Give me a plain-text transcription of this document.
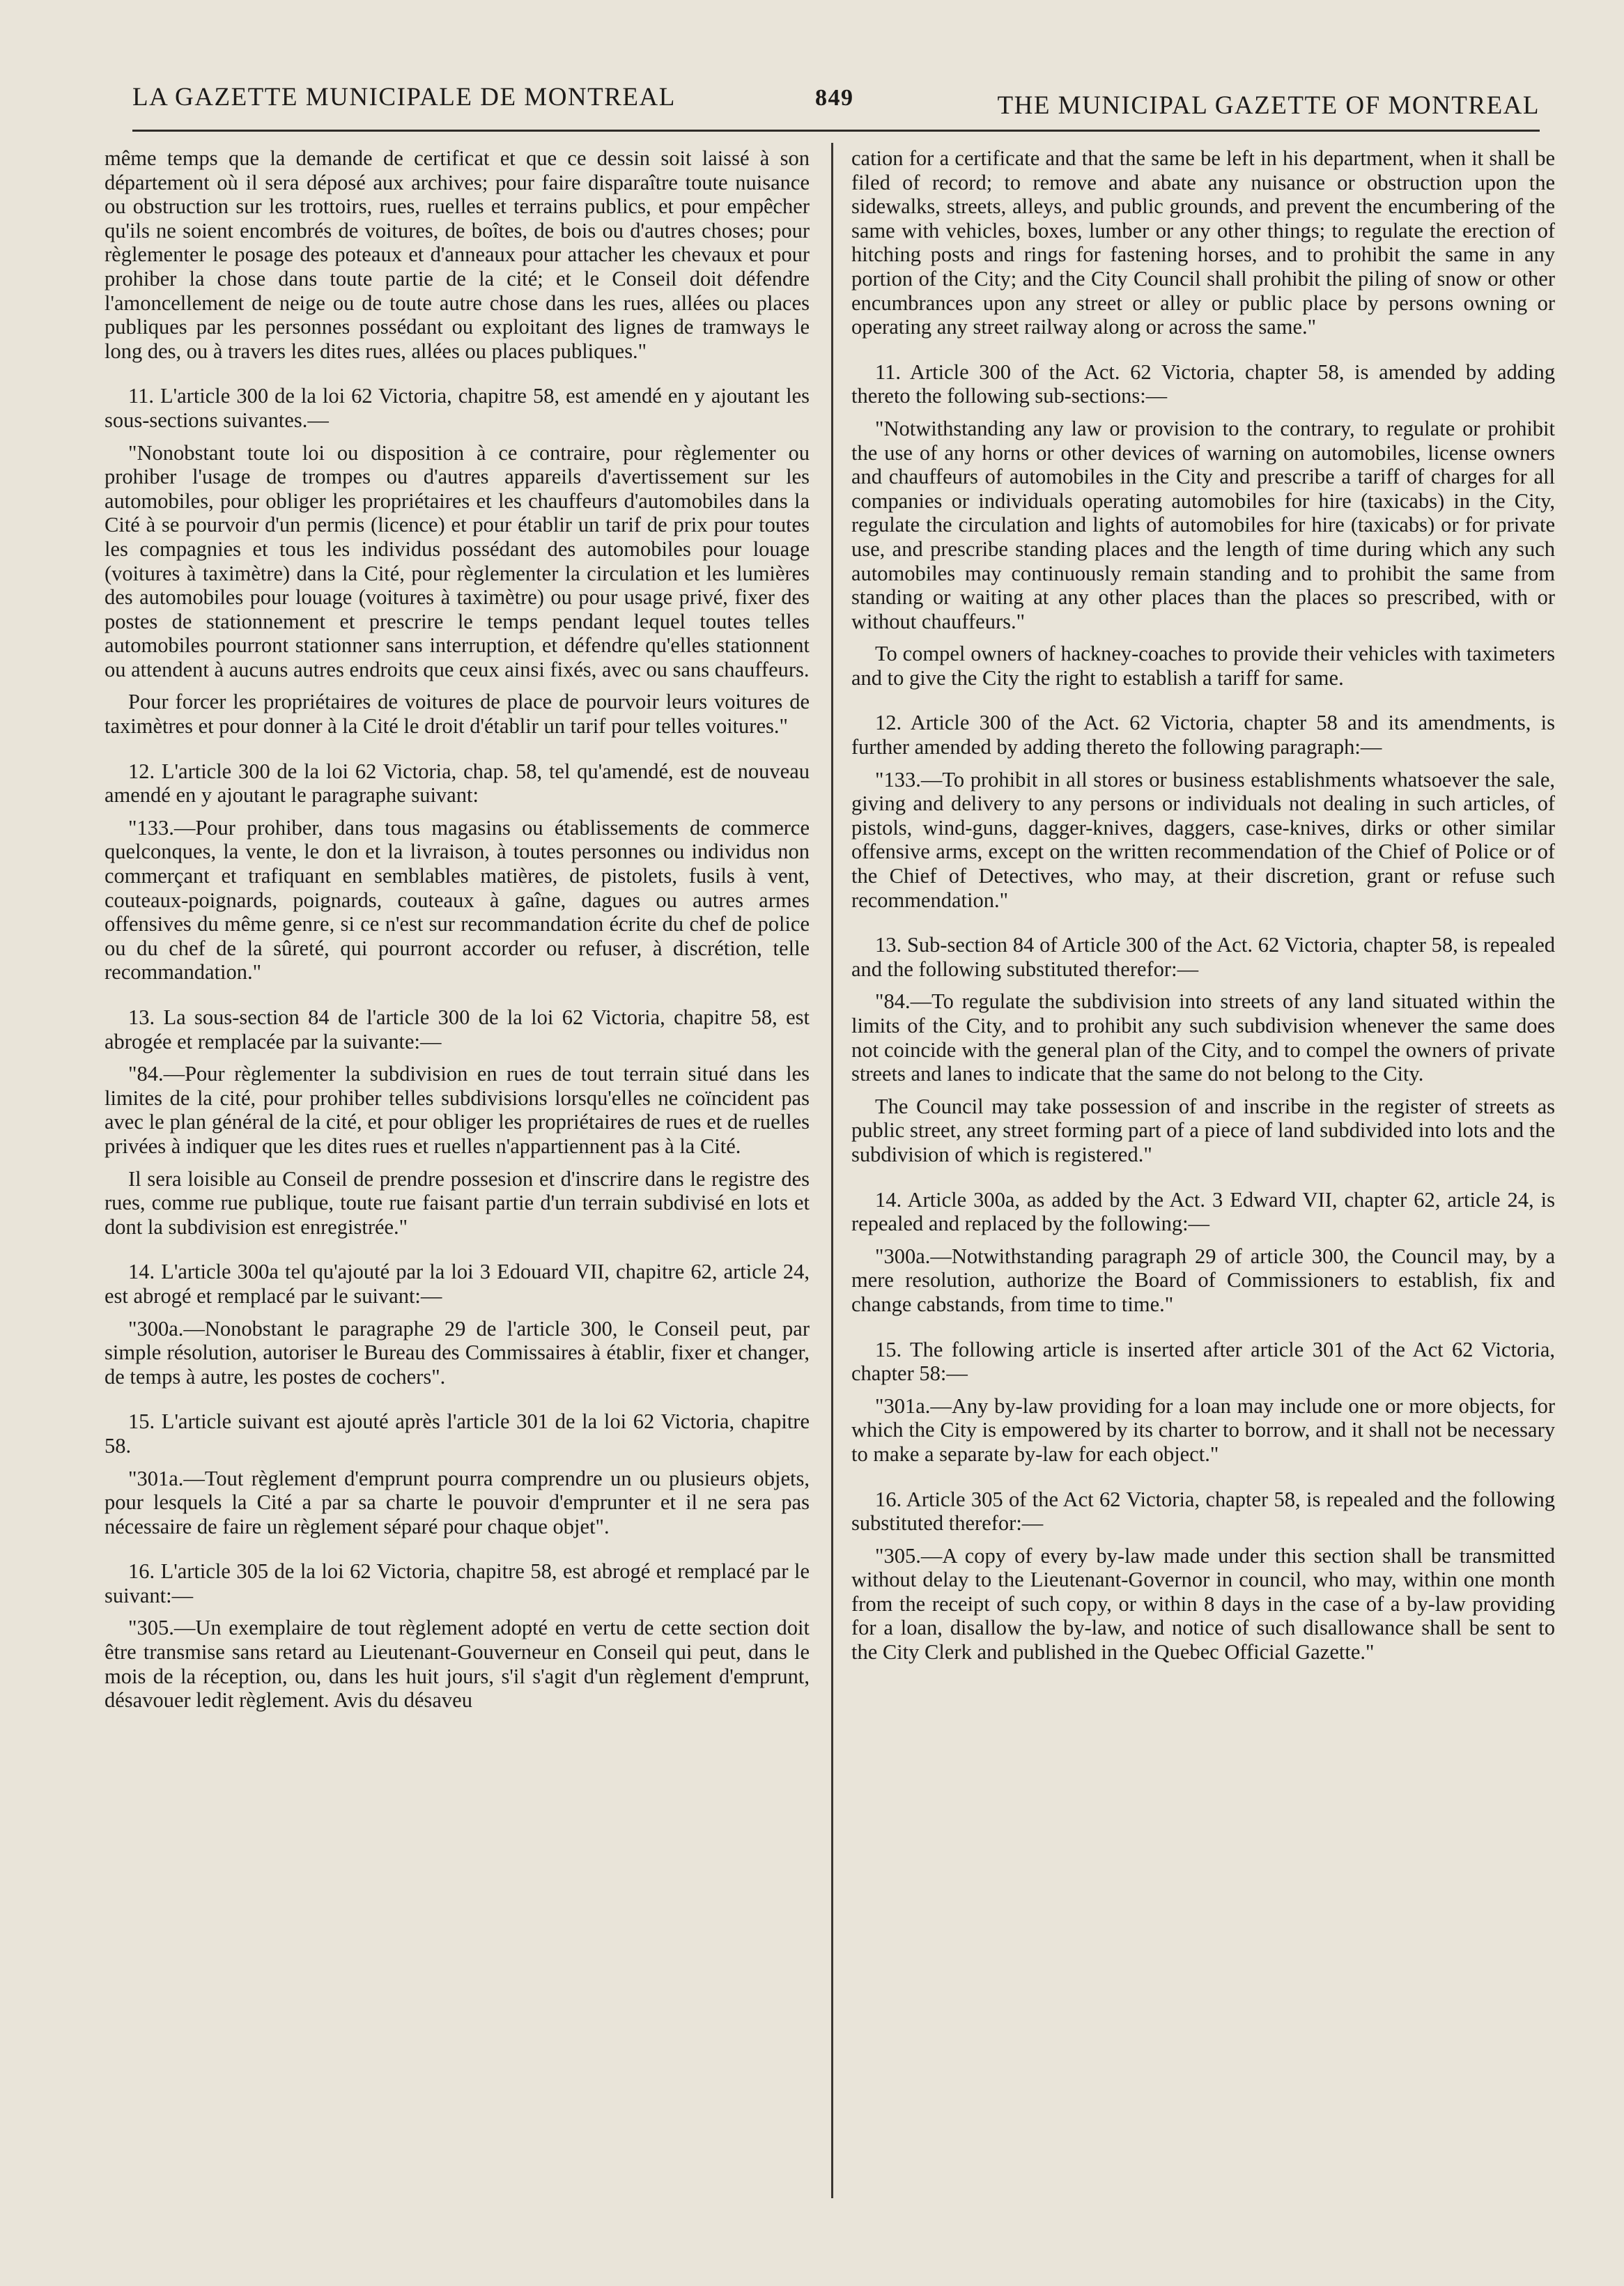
LA GAZETTE MUNICIPALE DE MONTREAL	849	THE MUNICIPAL GAZETTE OF MONTREAL

même temps que la demande de certificat et que ce dessin soit laissé à son département où il sera déposé aux archives; pour faire disparaître toute nuisance ou obstruction sur les trottoirs, rues, ruelles et terrains publics, et pour empêcher qu'ils ne soient encombrés de voitures, de boîtes, de bois ou d'autres choses; pour règlementer le posage des poteaux et d'anneaux pour attacher les chevaux et pour prohiber la chose dans toute partie de la cité; et le Conseil doit défendre l'amoncellement de neige ou de toute autre chose dans les rues, allées ou places publiques par les personnes possédant ou exploitant des lignes de tramways le long des, ou à travers les dites rues, allées ou places publiques."

11. L'article 300 de la loi 62 Victoria, chapitre 58, est amendé en y ajoutant les sous-sections suivantes.—

"Nonobstant toute loi ou disposition à ce contraire, pour règlementer ou prohiber l'usage de trompes ou d'autres appareils d'avertissement sur les automobiles, pour obliger les propriétaires et les chauffeurs d'automobiles dans la Cité à se pourvoir d'un permis (licence) et pour établir un tarif de prix pour toutes les compagnies et tous les individus possédant des automobiles pour louage (voitures à taximètre) dans la Cité, pour règlementer la circulation et les lumières des automobiles pour louage (voitures à taximètre) ou pour usage privé, fixer des postes de stationnement et prescrire le temps pendant lequel toutes telles automobiles pourront stationner sans interruption, et défendre qu'elles stationnent ou attendent à aucuns autres endroits que ceux ainsi fixés, avec ou sans chauffeurs.

Pour forcer les propriétaires de voitures de place de pourvoir leurs voitures de taximètres et pour donner à la Cité le droit d'établir un tarif pour telles voitures."

12. L'article 300 de la loi 62 Victoria, chap. 58, tel qu'amendé, est de nouveau amendé en y ajoutant le paragraphe suivant:

"133.—Pour prohiber, dans tous magasins ou établissements de commerce quelconques, la vente, le don et la livraison, à toutes personnes ou individus non commerçant et trafiquant en semblables matières, de pistolets, fusils à vent, couteaux-poignards, poignards, couteaux à gaîne, dagues ou autres armes offensives du même genre, si ce n'est sur recommandation écrite du chef de police ou du chef de la sûreté, qui pourront accorder ou refuser, à discrétion, telle recommandation."

13. La sous-section 84 de l'article 300 de la loi 62 Victoria, chapitre 58, est abrogée et remplacée par la suivante:—

"84.—Pour règlementer la subdivision en rues de tout terrain situé dans les limites de la cité, pour prohiber telles subdivisions lorsqu'elles ne coïncident pas avec le plan général de la cité, et pour obliger les propriétaires de rues et de ruelles privées à indiquer que les dites rues et ruelles n'appartiennent pas à la Cité.

Il sera loisible au Conseil de prendre possesion et d'inscrire dans le registre des rues, comme rue publique, toute rue faisant partie d'un terrain subdivisé en lots et dont la subdivision est enregistrée."

14. L'article 300a tel qu'ajouté par la loi 3 Edouard VII, chapitre 62, article 24, est abrogé et remplacé par le suivant:—

"300a.—Nonobstant le paragraphe 29 de l'article 300, le Conseil peut, par simple résolution, autoriser le Bureau des Commissaires à établir, fixer et changer, de temps à autre, les postes de cochers".

15. L'article suivant est ajouté après l'article 301 de la loi 62 Victoria, chapitre 58.

"301a.—Tout règlement d'emprunt pourra comprendre un ou plusieurs objets, pour lesquels la Cité a par sa charte le pouvoir d'emprunter et il ne sera pas nécessaire de faire un règlement séparé pour chaque objet".

16. L'article 305 de la loi 62 Victoria, chapitre 58, est abrogé et remplacé par le suivant:—

"305.—Un exemplaire de tout règlement adopté en vertu de cette section doit être transmise sans retard au Lieutenant-Gouverneur en Conseil qui peut, dans le mois de la réception, ou, dans les huit jours, s'il s'agit d'un règlement d'emprunt, désavouer ledit règlement. Avis du désaveu

cation for a certificate and that the same be left in his department, when it shall be filed of record; to remove and abate any nuisance or obstruction upon the sidewalks, streets, alleys, and public grounds, and prevent the encumbering of the same with vehicles, boxes, lumber or any other things; to regulate the erection of hitching posts and rings for fastening horses, and to prohibit the same in any portion of the City; and the City Council shall prohibit the piling of snow or other encumbrances upon any street or alley or public place by persons owning or operating any street railway along or across the same."

11. Article 300 of the Act. 62 Victoria, chapter 58, is amended by adding thereto the following sub-sections:—

"Notwithstanding any law or provision to the contrary, to regulate or prohibit the use of any horns or other devices of warning on automobiles, license owners and chauffeurs of automobiles in the City and prescribe a tariff of charges for all companies or individuals operating automobiles for hire (taxicabs) in the City, regulate the circulation and lights of automobiles for hire (taxicabs) or for private use, and prescribe standing places and the length of time during which any such automobiles may continuously remain standing and to prohibit the same from standing or waiting at any other places than the places so prescribed, with or without chauffeurs."

To compel owners of hackney-coaches to provide their vehicles with taximeters and to give the City the right to establish a tariff for same.

12. Article 300 of the Act. 62 Victoria, chapter 58 and its amendments, is further amended by adding thereto the following paragraph:—

"133.—To prohibit in all stores or business establishments whatsoever the sale, giving and delivery to any persons or individuals not dealing in such articles, of pistols, wind-guns, dagger-knives, daggers, case-knives, dirks or other similar offensive arms, except on the written recommendation of the Chief of Police or of the Chief of Detectives, who may, at their discretion, grant or refuse such recommendation."

13. Sub-section 84 of Article 300 of the Act. 62 Victoria, chapter 58, is repealed and the following substituted therefor:—

"84.—To regulate the subdivision into streets of any land situated within the limits of the City, and to prohibit any such subdivision whenever the same does not coincide with the general plan of the City, and to compel the owners of private streets and lanes to indicate that the same do not belong to the City.

The Council may take possession of and inscribe in the register of streets as public street, any street forming part of a piece of land subdivided into lots and the subdivision of which is registered."

14. Article 300a, as added by the Act. 3 Edward VII, chapter 62, article 24, is repealed and replaced by the following:—

"300a.—Notwithstanding paragraph 29 of article 300, the Council may, by a mere resolution, authorize the Board of Commissioners to establish, fix and change cabstands, from time to time."

15. The following article is inserted after article 301 of the Act 62 Victoria, chapter 58:—

"301a.—Any by-law providing for a loan may include one or more objects, for which the City is empowered by its charter to borrow, and it shall not be necessary to make a separate by-law for each object."

16. Article 305 of the Act 62 Victoria, chapter 58, is repealed and the following substituted therefor:—

"305.—A copy of every by-law made under this section shall be transmitted without delay to the Lieutenant-Governor in council, who may, within one month from the receipt of such copy, or within 8 days in the case of a by-law providing for a loan, disallow the by-law, and notice of such disallowance shall be sent to the City Clerk and published in the Quebec Official Gazette."
